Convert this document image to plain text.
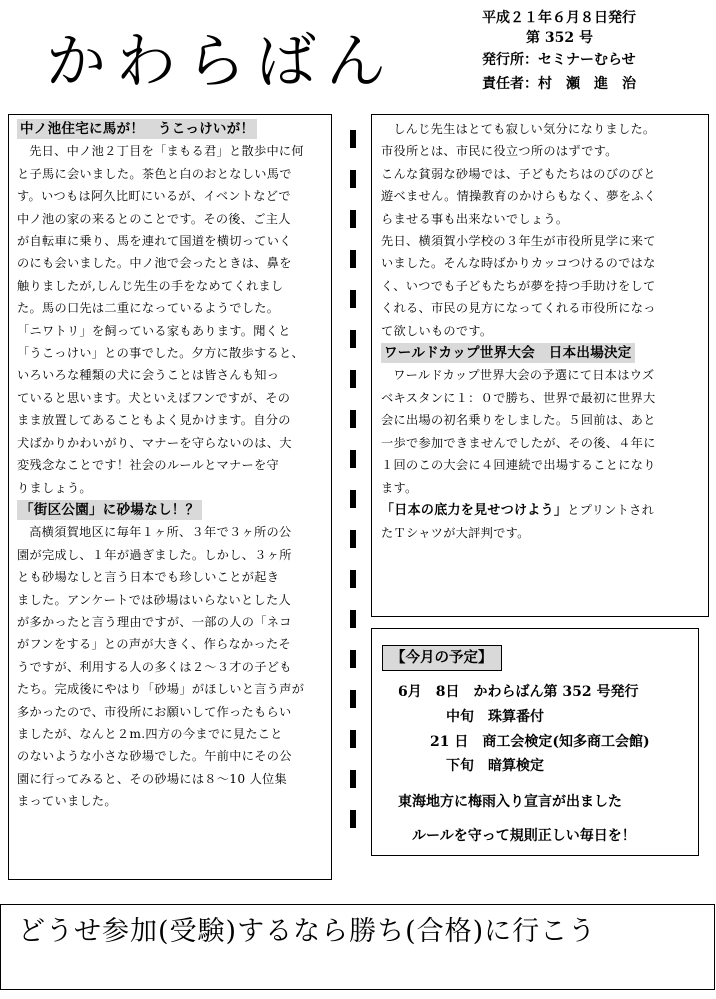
かわらばん
平成２１年６月８日発行
第 352 号
発行所：セミナーむらせ
責任者：村　瀬　進　治
中ノ池住宅に馬が！　うこっけいが！

先日、中ノ池２丁目を「まもる君」と散歩中に何

と子馬に会いました。茶色と白のおとなしい馬で

す。いつもは阿久比町にいるが、イベントなどで

中ノ池の家の来るとのことです。その後、ご主人

が自転車に乗り、馬を連れて国道を横切っていく

のにも会いました。中ノ池で会ったときは、鼻を

触りましたが,しんじ先生の手をなめてくれまし

た。馬の口先は二重になっているようでした。

「ニワトリ」を飼っている家もあります。聞くと

「うこっけい」との事でした。夕方に散歩すると、

いろいろな種類の犬に会うことは皆さんも知っ

ていると思います。犬といえばフンですが、その

まま放置してあることもよく見かけます。自分の

犬ばかりかわいがり、マナーを守らないのは、大

変残念なことです！社会のルールとマナーを守

りましょう。

「街区公園」に砂場なし！？

高横須賀地区に毎年１ヶ所、３年で３ヶ所の公

園が完成し、１年が過ぎました。しかし、３ヶ所

とも砂場なしと言う日本でも珍しいことが起き

ました。アンケートでは砂場はいらないとした人

が多かったと言う理由ですが、一部の人の「ネコ

がフンをする」との声が大きく、作らなかったそ

うですが、利用する人の多くは２～３才の子ども

たち。完成後にやはり「砂場」がほしいと言う声が

多かったので、市役所にお願いして作ったもらい

ましたが、なんと２m.四方の今までに見たこと

のないような小さな砂場でした。午前中にその公

園に行ってみると、その砂場には８～10 人位集

まっていました。

しんじ先生はとても寂しい気分になりました。

市役所とは、市民に役立つ所のはずです。

こんな貧弱な砂場では、子どもたちはのびのびと

遊べません。情操教育のかけらもなく、夢をふく

らませる事も出来ないでしょう。

先日、横須賀小学校の３年生が市役所見学に来て

いました。そんな時ばかりカッコつけるのではな

く、いつでも子どもたちが夢を持つ手助けをして

くれる、市民の見方になってくれる市役所になっ

て欲しいものです。

ワールドカップ世界大会　日本出場決定

ワールドカップ世界大会の予選にて日本はウズ

ベキスタンに１：０で勝ち、世界で最初に世界大

会に出場の初名乗りをしました。５回前は、あと

一歩で参加できませんでしたが、その後、４年に

１回のこの大会に４回連続で出場することになり

ます。

「日本の底力を見せつけよう」とプリントされ

たＴシャツが大評判です。

【今月の予定】
6月　8日　かわらばん第 352 号発行
中旬　珠算番付
21 日　商工会検定(知多商工会館)
下旬　暗算検定
東海地方に梅雨入り宣言が出ました
ルールを守って規則正しい毎日を！
どうせ参加(受験)するなら勝ち(合格)に行こう
